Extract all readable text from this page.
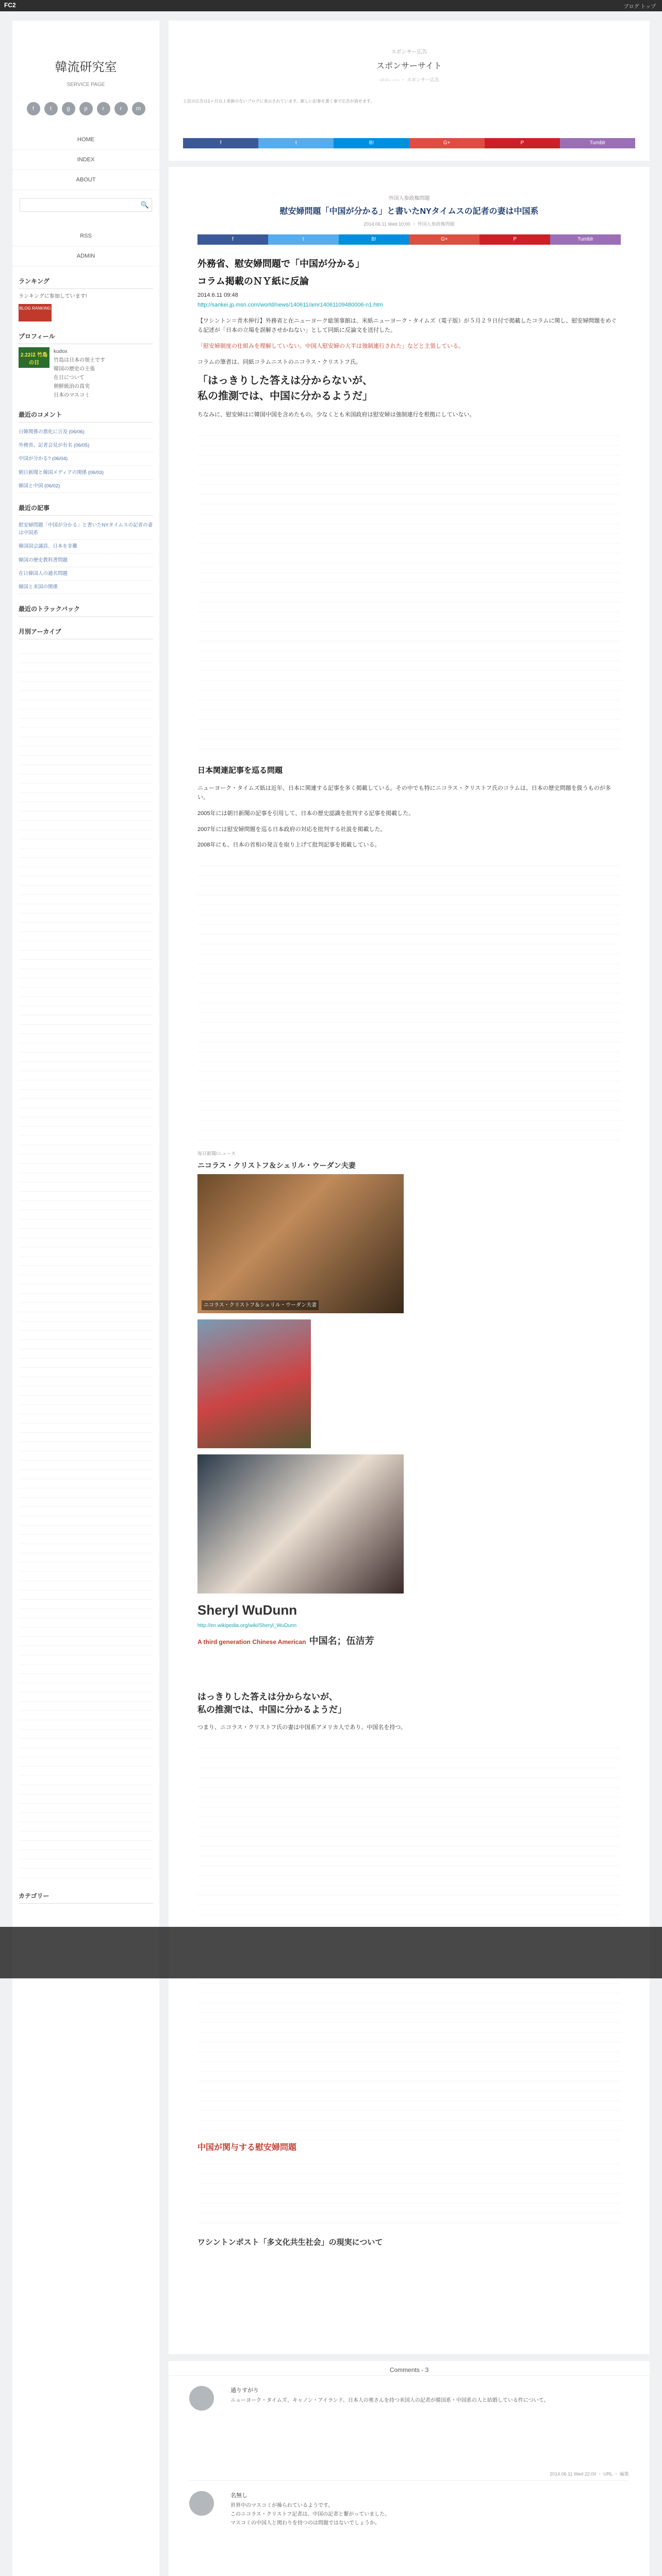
FC2	ブログ トップ
韓流研究室
SERVICE PAGE
f	t	g	p	r	r	m
HOME
INDEX
ABOUT
🔍
RSS
ADMIN
ランキング
ランキングに参加しています!
BLOG RANKING
プロフィール
2.22は 竹島の日
kudox
竹島は日本の領土です
韓国の歴史の主張
在日について
朝鮮統治の真実
日本のマスコミ
最近のコメント
日韓関係の悪化に言及 (06/06)
外務省、記者会見が有名 (06/05)
中国が分かる? (06/04)
朝日新聞と韓国メディアの関係 (06/03)
韓国と中国 (06/02)
最近の記事
慰安婦問題「中国が分かる」と書いたNYタイムスの記者の妻は中国系
韓国国会議員、日本を非難
韓国の歴史教科書問題
在日韓国人の通名問題
韓国と米国の関係
最近のトラックバック
月別アーカイブ
カテゴリー
スポンサー広告
スポンサーサイト
--/--/-- --:-- ・ スポンサー広告
上記の広告は1ヶ月以上更新のないブログに表示されています。新しい記事を書く事で広告が消せます。
f	t	B!	G+	P	Tumblr
外国人参政権問題
慰安婦問題「中国が分かる」と書いたNYタイムスの記者の妻は中国系
2014.06.11 Wed 10:00 ・ 外国人参政権問題
f	t	B!	G+	P	Tumblr
外務省、慰安婦問題で「中国が分かる」
コラム掲載のＮＹ紙に反論
2014.6.11 09:48
http://sankei.jp.msn.com/world/news/140611/amr14061109480006-n1.htm
【ワシントン＝青木伸行】外務省と在ニューヨーク総領事館は、米紙ニューヨーク・タイムズ（電子版）が５月２９日付で掲載したコラムに関し、慰安婦問題をめぐる記述が「日本の立場を誤解させかねない」として同紙に反論文を送付した。
「慰安婦制度の仕組みを理解していない。中国人慰安婦の大半は強制連行された」などと主張している。
コラムの筆者は、同紙コラムニストのニコラス・クリストフ氏。
「はっきりした答えは分からないが、
私の推測では、中国に分かるようだ」
ちなみに、慰安婦はに韓国中国を含めたもの。少なくとも米国政府は慰安婦は強制連行を根拠にしていない。
日本関連記事を巡る問題
ニューヨーク・タイムズ紙は近年、日本に関連する記事を多く掲載している。その中でも特にニコラス・クリストフ氏のコラムは、日本の歴史問題を扱うものが多い。
2005年には朝日新聞の記事を引用して、日本の歴史認識を批判する記事を掲載した。
2007年には慰安婦問題を巡る日本政府の対応を批判する社説を掲載した。
2008年にも、日本の首相の発言を取り上げて批判記事を掲載している。
毎日新聞/ニュース
ニコラス・クリストフ＆シェリル・ウーダン夫妻
ニコラス・クリストフ＆シェリル・ウーダン夫妻
Sheryl WuDunn
http://en.wikipedia.org/wiki/Sheryl_WuDunn
A third generation Chinese American 中国名；伍洁芳
はっきりした答えは分からないが、
私の推測では、中国に分かるようだ」
つまり、ニコラス・クリストフ氏の妻は中国系アメリカ人であり、中国名を持つ。
中国が関与する慰安婦問題
ワシントンポスト「多文化共生社会」の現実について
Comments - 3
通りすがり
ニューヨーク・タイムズ、キャノン・アイランド、日本人の奥さんを持つ米国人の記者が韓国系・中国系の人と結婚している件について。
2014.06.11 Wed 22:00 ・ URL ・ 編集
名無し
世界中のマスコミが操られているようです。
このニコラス・クリストフ記者は、中国の記者と繋がっていました。
マスコミの中国人と関わりを持つのは問題ではないでしょうか。
